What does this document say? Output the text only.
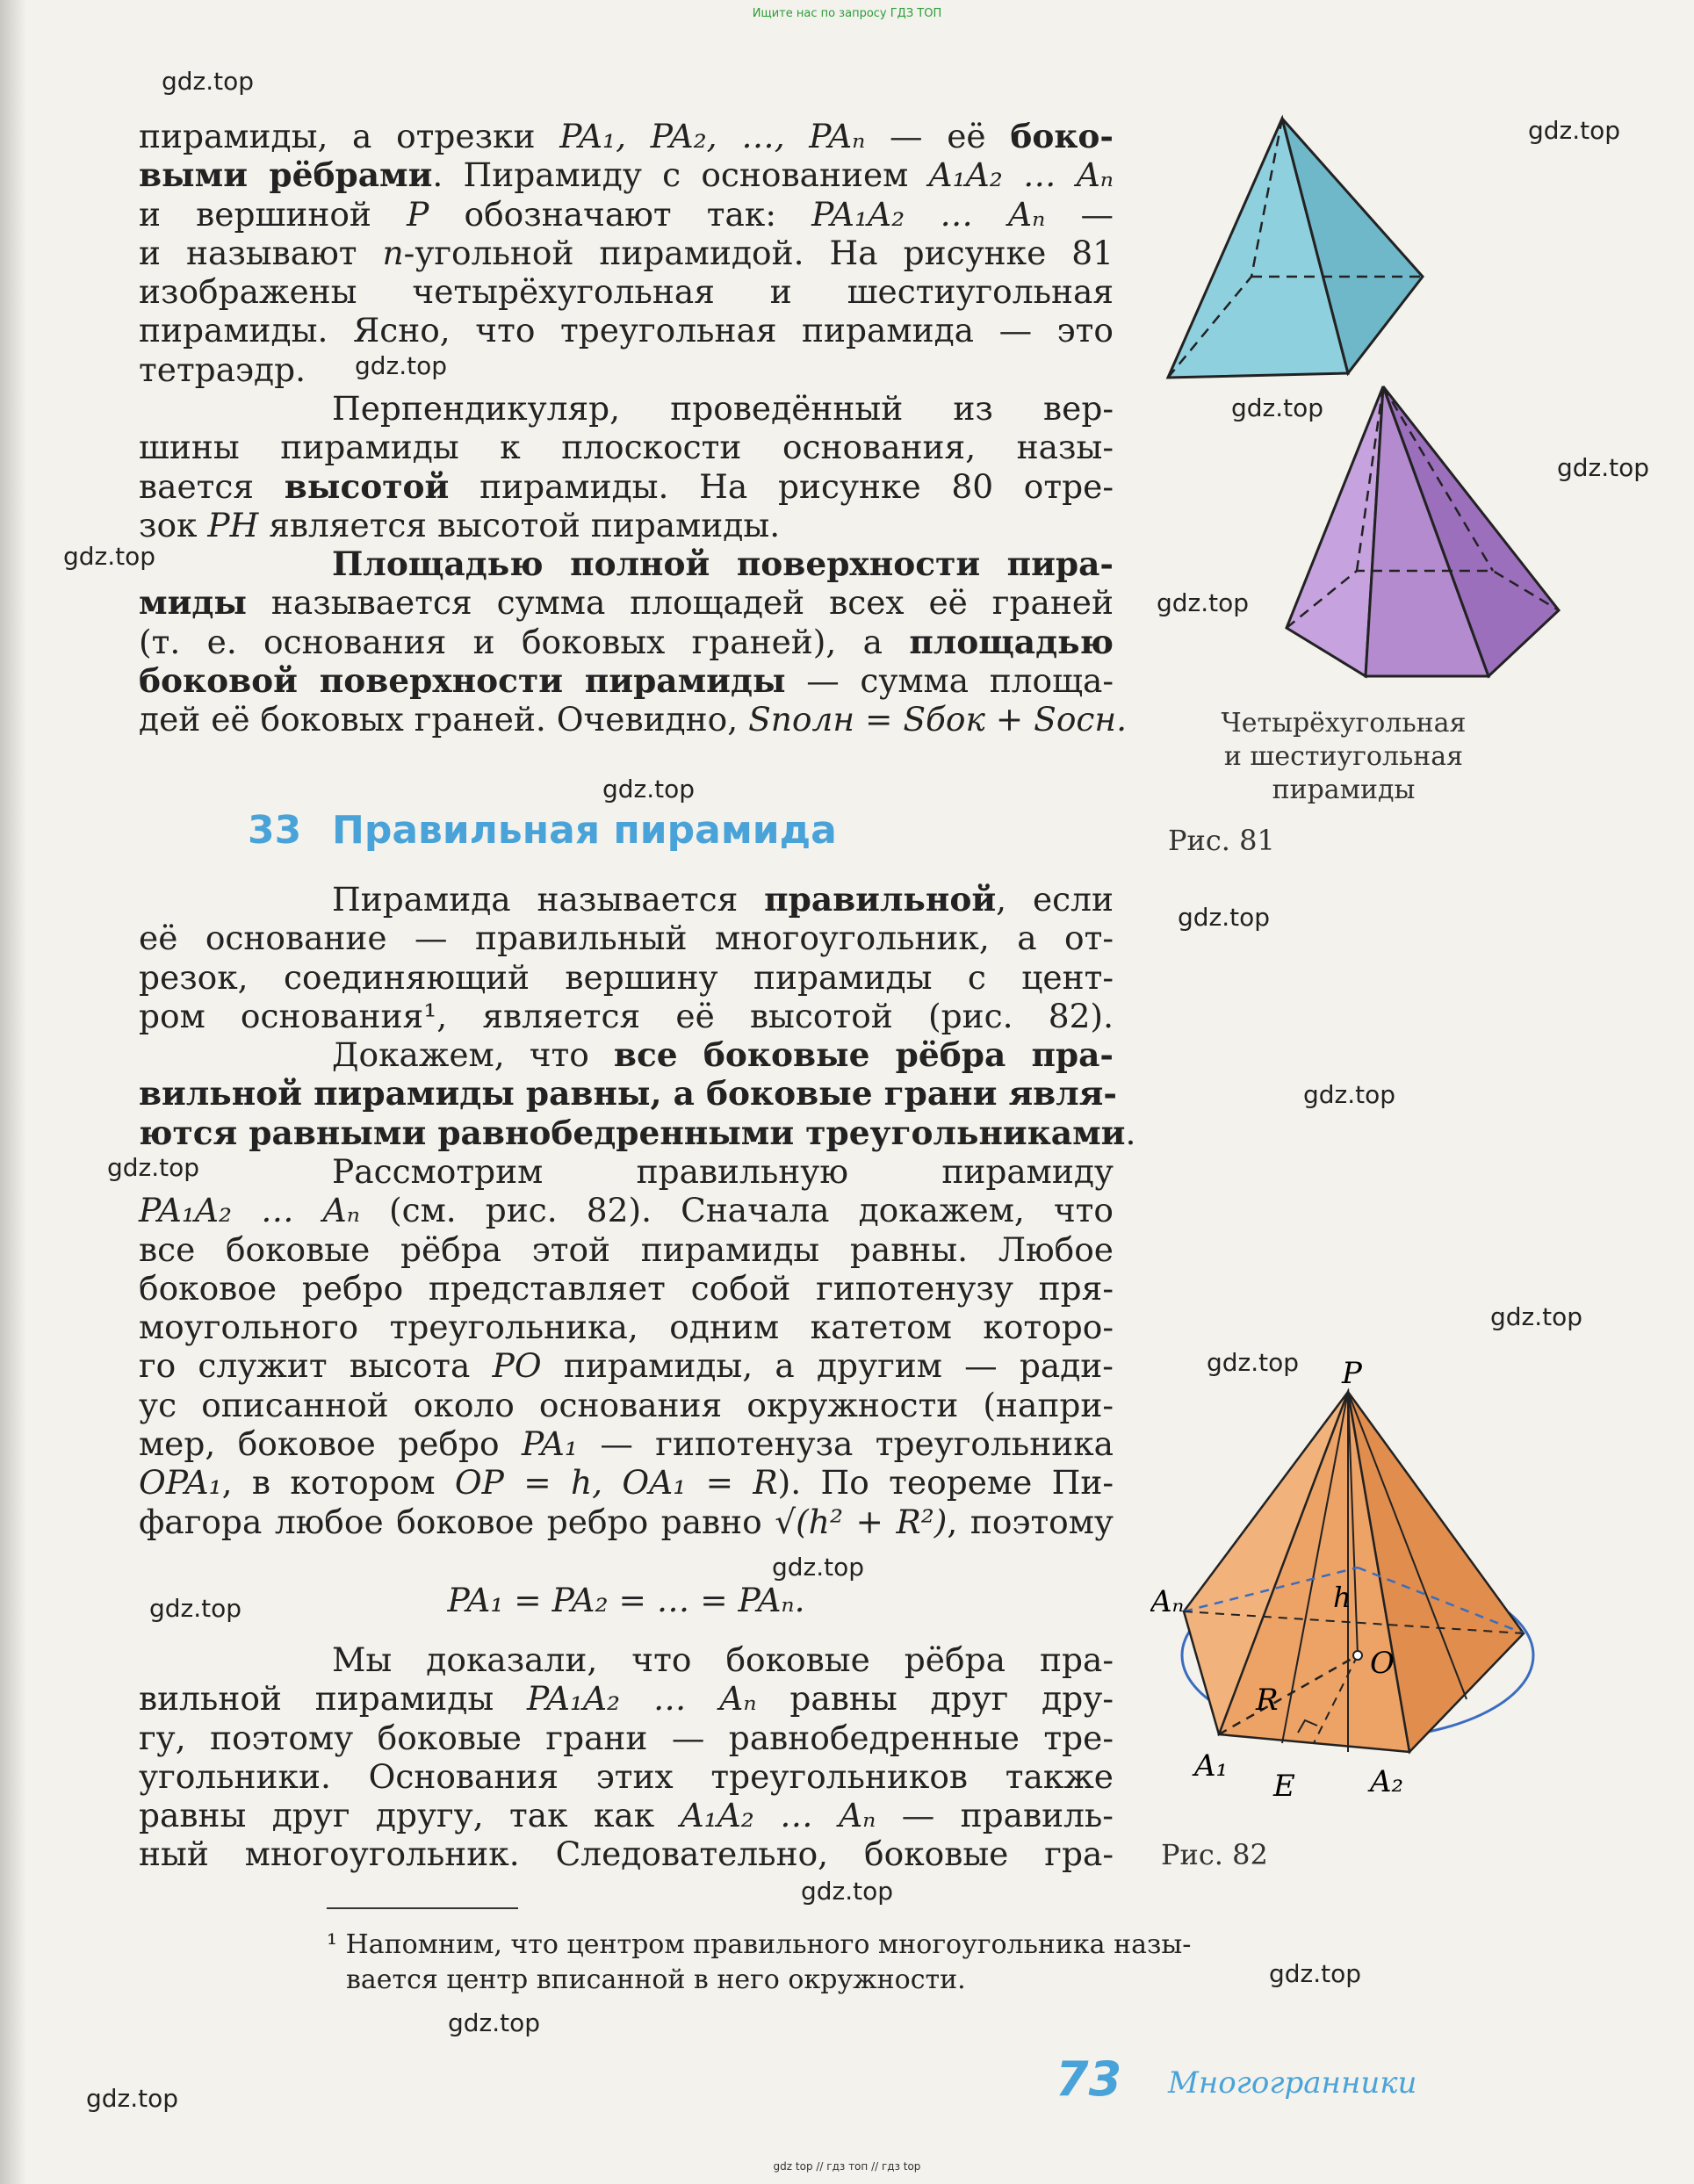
Ищите нас по запросу ГДЗ ТОП
пирамиды, а отрезки PA₁, PA₂, …, PAₙ — её боко-
выми рёбрами. Пирамиду с основанием A₁A₂ … Aₙ
и вершиной P обозначают так: PA₁A₂ … Aₙ —
и называют n-угольной пирамидой. На рисунке 81
изображены четырёхугольная и шестиугольная
пирамиды. Ясно, что треугольная пирамида — это
тетраэдр.
Перпендикуляр, проведённый из вер-
шины пирамиды к плоскости основания, назы-
вается высотой пирамиды. На рисунке 80 отре-
зок PH является высотой пирамиды.
Площадью полной поверхности пира-
миды называется сумма площадей всех её граней
(т. е. основания и боковых граней), а площадью
боковой поверхности пирамиды — сумма площа-
дей её боковых граней. Очевидно, Sполн = Sбок + Sосн.
33 Правильная пирамида
Пирамида называется правильной, если
её основание — правильный многоугольник, а от-
резок, соединяющий вершину пирамиды с цент-
ром основания¹, является её высотой (рис. 82).
Докажем, что все боковые рёбра пра-
вильной пирамиды равны, а боковые грани явля-
ются равными равнобедренными треугольниками.
Рассмотрим правильную пирамиду
PA₁A₂ … Aₙ (см. рис. 82). Сначала докажем, что
все боковые рёбра этой пирамиды равны. Любое
боковое ребро представляет собой гипотенузу пря-
моугольного треугольника, одним катетом которо-
го служит высота PO пирамиды, а другим — ради-
ус описанной около основания окружности (напри-
мер, боковое ребро PA₁ — гипотенуза треугольника
OPA₁, в котором OP = h, OA₁ = R). По теореме Пи-
фагора любое боковое ребро равно √(h² + R²), поэтому
PA₁ = PA₂ = … = PAₙ.
Мы доказали, что боковые рёбра пра-
вильной пирамиды PA₁A₂ … Aₙ равны друг дру-
гу, поэтому боковые грани — равнобедренные тре-
угольники. Основания этих треугольников также
равны друг другу, так как A₁A₂ … Aₙ — правиль-
ный многоугольник. Следовательно, боковые гра-
Четырёхугольная
и шестиугольная
пирамиды
Рис. 81
P
Aₙ	h
O
R
A₁
E	A₂
Рис. 82
¹ Напомним, что центром правильного многоугольника назы-
вается центр вписанной в него окружности.
73 Многогранники
gdz.top
gdz.top
gdz.top
gdz.top
gdz.top
gdz.top
gdz.top
gdz.top
gdz.top
gdz.top
gdz.top
gdz.top
gdz.top
gdz.top
gdz.top
gdz.top
gdz.top
gdz.top
gdz.top
gdz top // гдз топ // гдз top
